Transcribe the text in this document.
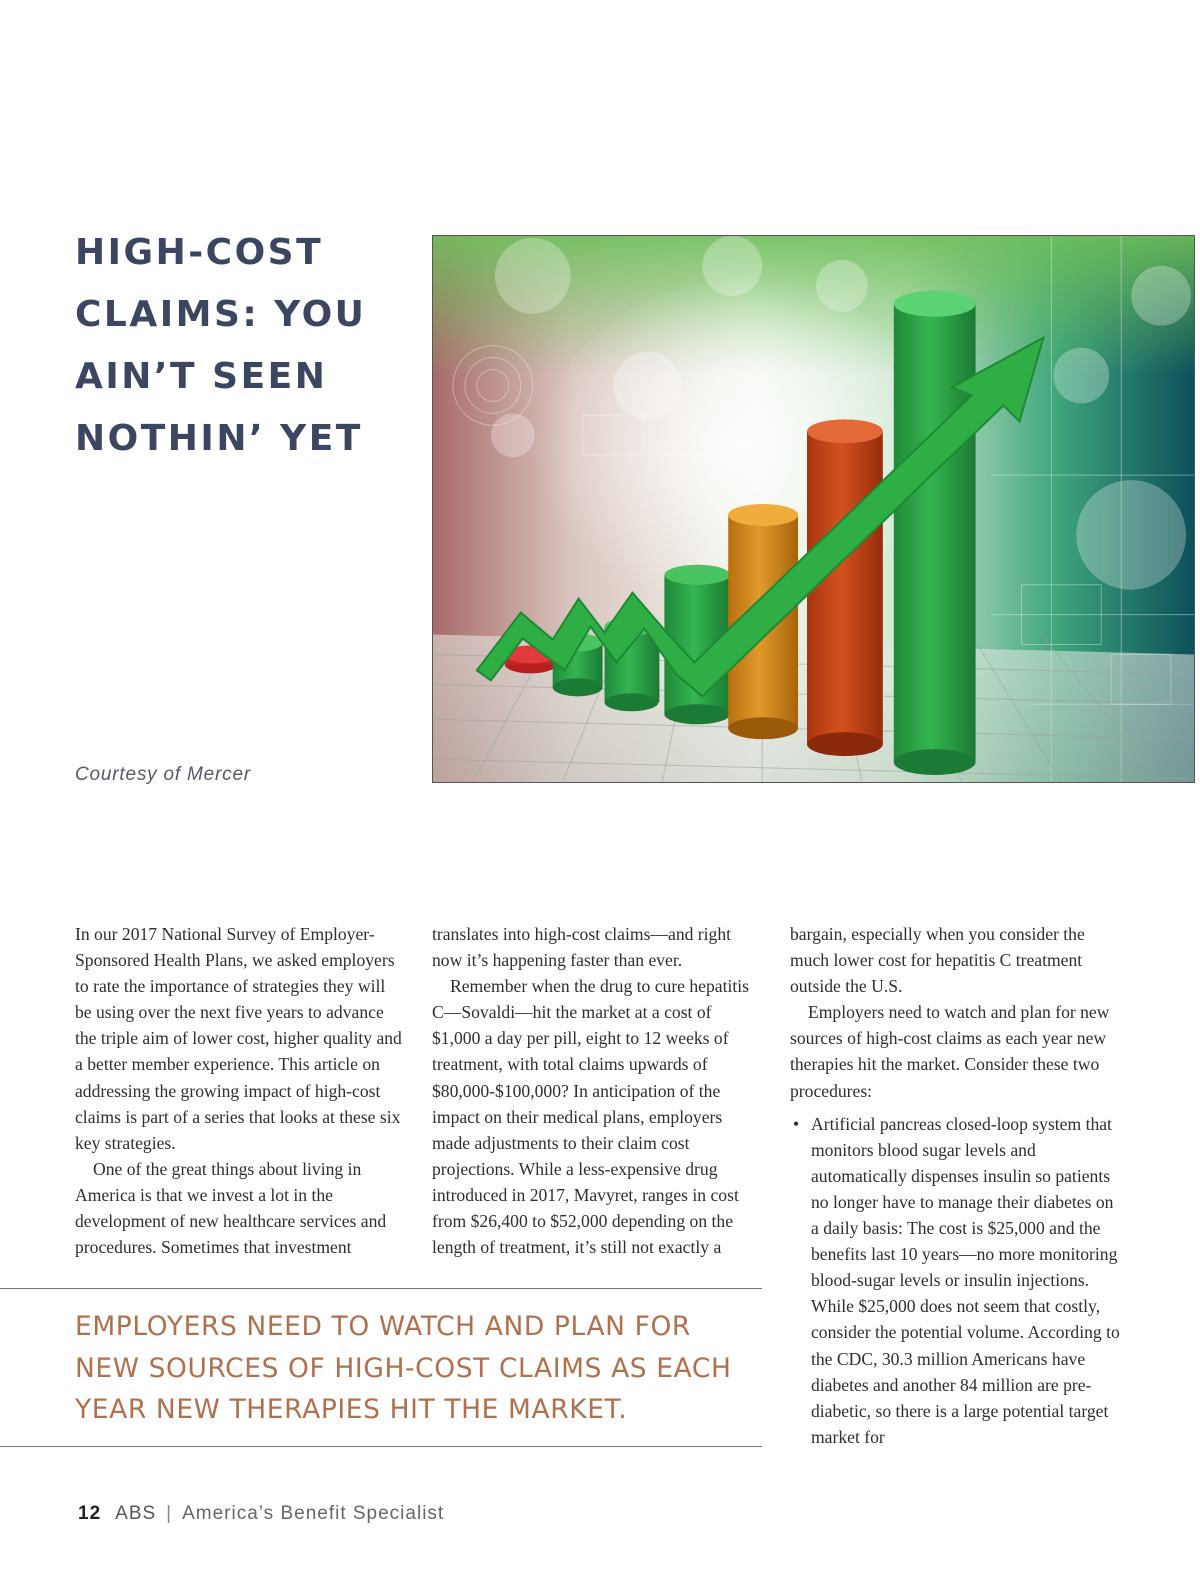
HIGH-COST
CLAIMS: YOU
AIN’T SEEN
NOTHIN’ YET
Courtesy of Mercer

In our 2017 National Survey of Employer-Sponsored Health Plans, we asked employers to rate the importance of strategies they will be using over the next five years to advance the triple aim of lower cost, higher quality and a better member experience. This article on addressing the growing impact of high-cost claims is part of a series that looks at these six key strategies.

One of the great things about living in America is that we invest a lot in the development of new healthcare services and procedures. Sometimes that investment

translates into high-cost claims—and right now it’s happening faster than ever.

Remember when the drug to cure hepatitis C—Sovaldi—hit the market at a cost of $1,000 a day per pill, eight to 12 weeks of treatment, with total claims upwards of $80,000-$100,000? In anticipation of the impact on their medical plans, employers made adjustments to their claim cost projections. While a less-expensive drug introduced in 2017, Mavyret, ranges in cost from $26,400 to $52,000 depending on the length of treatment, it’s still not exactly a

bargain, especially when you consider the much lower cost for hepatitis C treatment outside the U.S.

Employers need to watch and plan for new sources of high-cost claims as each year new therapies hit the market. Consider these two procedures:

• Artificial pancreas closed-loop system that monitors blood sugar levels and automatically dispenses insulin so patients no longer have to manage their diabetes on a daily basis: The cost is $25,000 and the benefits last 10 years—no more monitoring blood-sugar levels or insulin injections. While $25,000 does not seem that costly, consider the potential volume. According to the CDC, 30.3 million Americans have diabetes and another 84 million are pre-diabetic, so there is a large potential target market for
EMPLOYERS NEED TO WATCH AND PLAN FOR
NEW SOURCES OF HIGH-COST CLAIMS AS EACH
YEAR NEW THERAPIES HIT THE MARKET.
12 ABS | America’s Benefit Specialist
